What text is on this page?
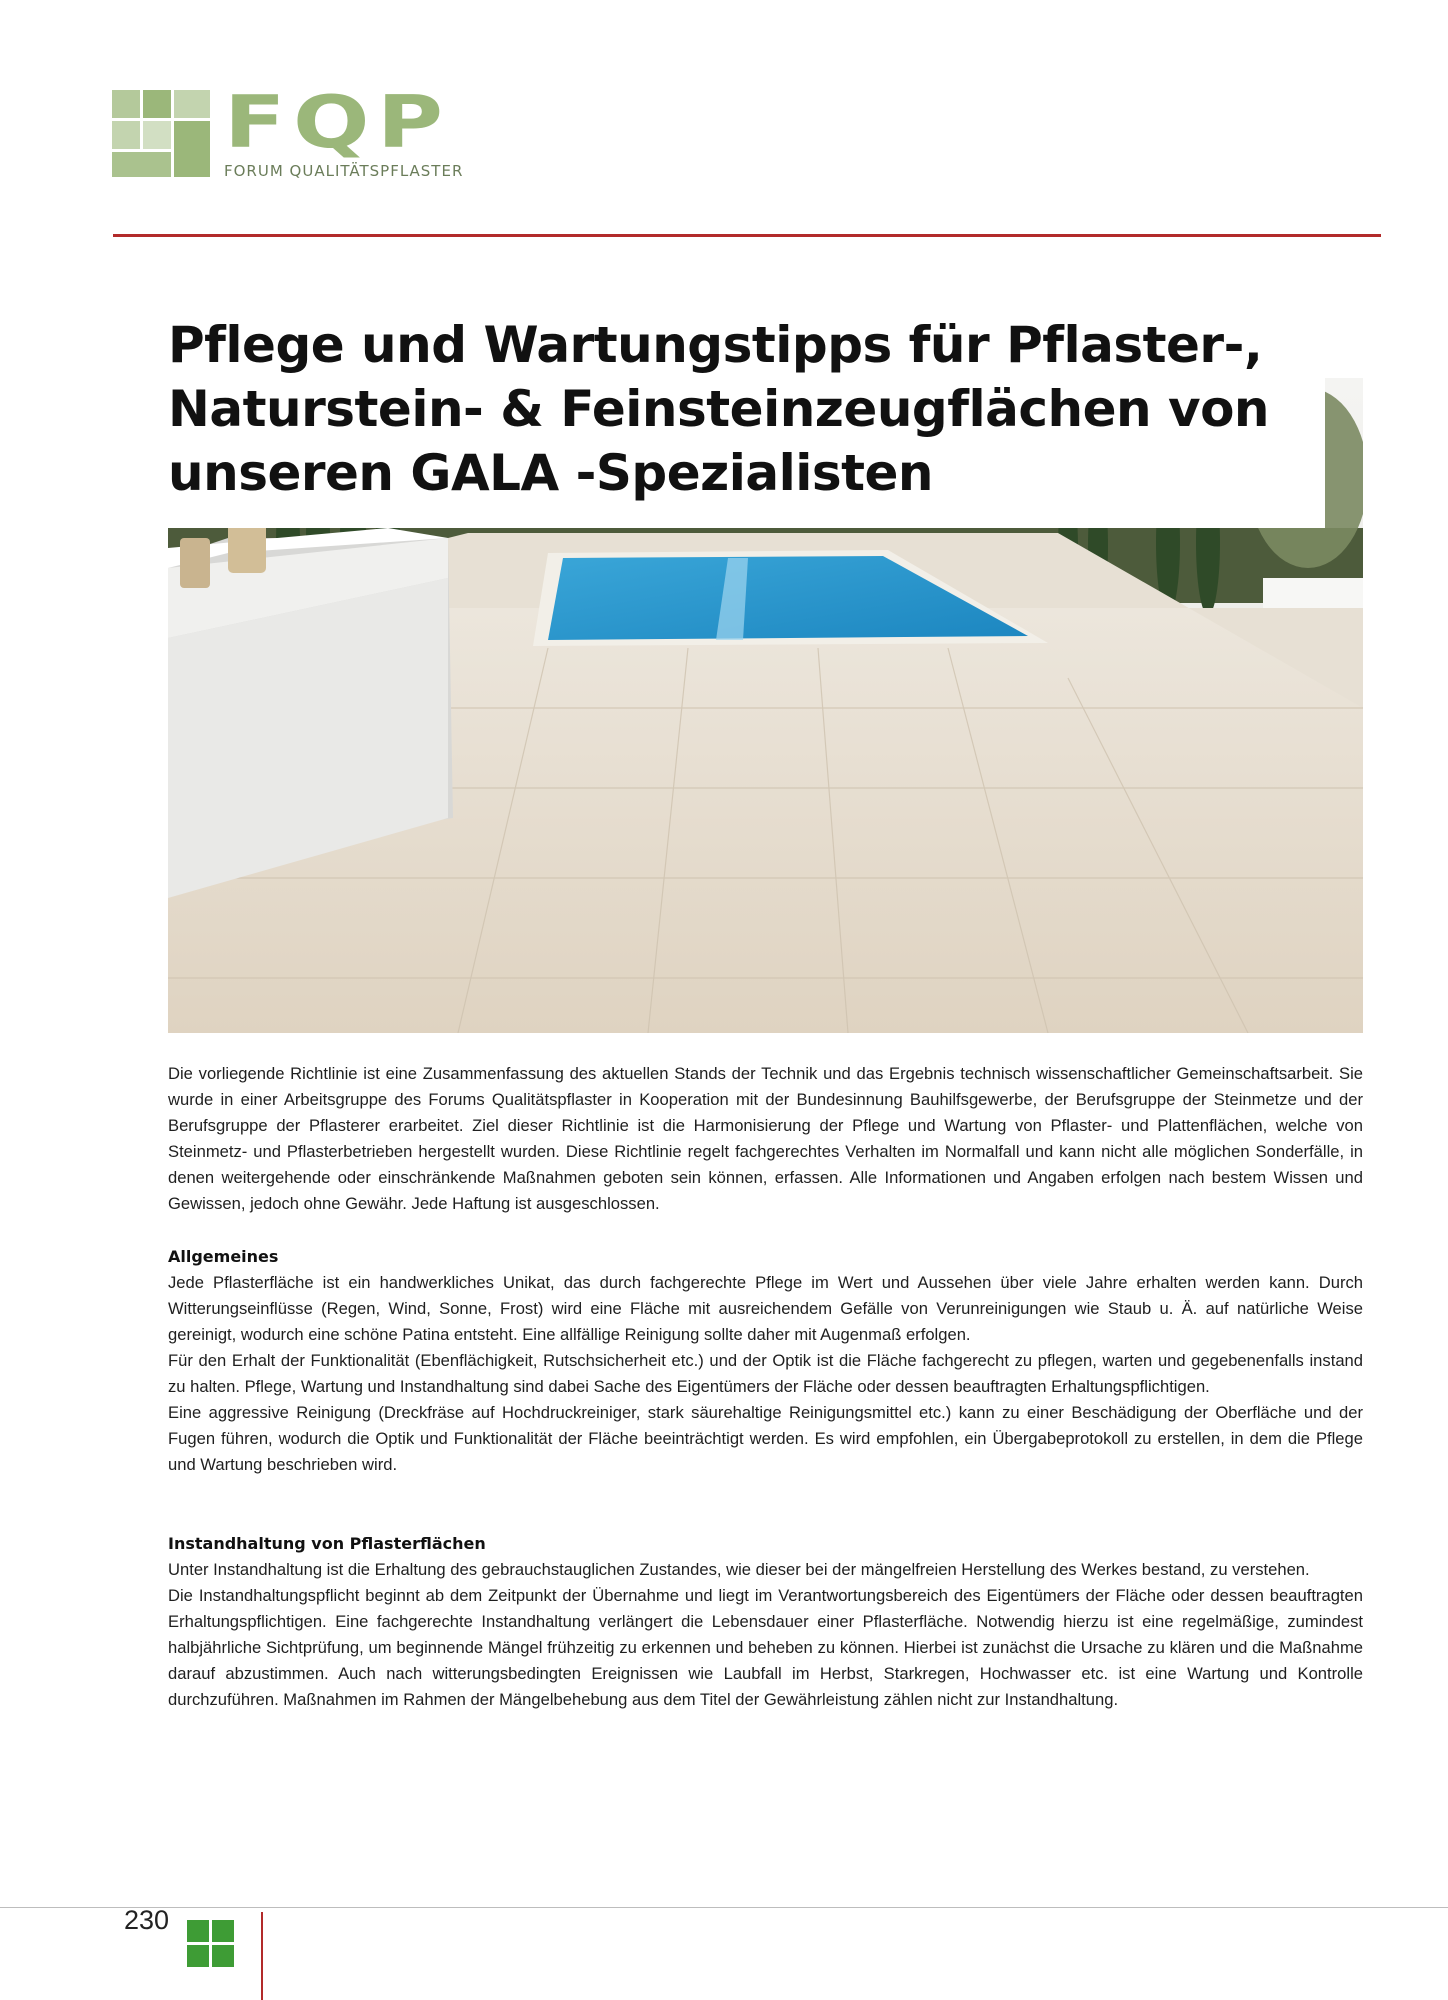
FQP
FORUM QUALITÄTSPFLASTER
Pflege und Wartungstipps für Pflaster-,
Naturstein- & Feinsteinzeugflächen von
unseren GALA -Spezialisten

Die vorliegende Richtlinie ist eine Zusammenfassung des aktuellen Stands der Technik und das Ergebnis technisch wissenschaftlicher Gemeinschaftsarbeit. Sie wurde in einer Arbeitsgruppe des Forums Qualitätspflaster in Kooperation mit der Bundesinnung Bauhilfsgewerbe, der Berufsgruppe der Steinmetze und der Berufsgruppe der Pflasterer erarbeitet. Ziel dieser Richtlinie ist die Harmonisierung der Pflege und Wartung von Pflaster- und Plattenflächen, welche von Steinmetz- und Pflasterbetrieben hergestellt wurden. Diese Richtlinie regelt fachgerechtes Verhalten im Normalfall und kann nicht alle möglichen Sonderfälle, in denen weitergehende oder einschränkende Maßnahmen geboten sein können, erfassen. Alle Informationen und Angaben erfolgen nach bestem Wissen und Gewissen, jedoch ohne Gewähr. Jede Haftung ist ausgeschlossen.

Allgemeines

Jede Pflasterfläche ist ein handwerkliches Unikat, das durch fachgerechte Pflege im Wert und Aussehen über viele Jahre erhalten werden kann. Durch Witterungseinflüsse (Regen, Wind, Sonne, Frost) wird eine Fläche mit ausreichendem Gefälle von Verunreinigungen wie Staub u. Ä. auf natürliche Weise gereinigt, wodurch eine schöne Patina entsteht. Eine allfällige Reinigung sollte daher mit Augenmaß erfolgen.

Für den Erhalt der Funktionalität (Ebenflächigkeit, Rutschsicherheit etc.) und der Optik ist die Fläche fachgerecht zu pflegen, warten und gegebenenfalls instand zu halten. Pflege, Wartung und Instandhaltung sind dabei Sache des Eigentümers der Fläche oder dessen beauftragten Erhaltungspflichtigen.

Eine aggressive Reinigung (Dreckfräse auf Hochdruckreiniger, stark säurehaltige Reinigungsmittel etc.) kann zu einer Beschädigung der Oberfläche und der Fugen führen, wodurch die Optik und Funktionalität der Fläche beeinträchtigt werden. Es wird empfohlen, ein Übergabeprotokoll zu erstellen, in dem die Pflege und Wartung beschrieben wird.

Instandhaltung von Pflasterflächen

Unter Instandhaltung ist die Erhaltung des gebrauchstauglichen Zustandes, wie dieser bei der mängelfreien Herstellung des Werkes bestand, zu verstehen.

Die Instandhaltungspflicht beginnt ab dem Zeitpunkt der Übernahme und liegt im Verantwortungsbereich des Eigentümers der Fläche oder dessen beauftragten Erhaltungspflichtigen. Eine fachgerechte Instandhaltung verlängert die Lebensdauer einer Pflasterfläche. Notwendig hierzu ist eine regelmäßige, zumindest halbjährliche Sichtprüfung, um beginnende Mängel frühzeitig zu erkennen und beheben zu können. Hierbei ist zunächst die Ursache zu klären und die Maßnahme darauf abzustimmen. Auch nach witterungsbedingten Ereignissen wie Laubfall im Herbst, Starkregen, Hochwasser etc. ist eine Wartung und Kontrolle durchzuführen. Maßnahmen im Rahmen der Mängelbehebung aus dem Titel der Gewährleistung zählen nicht zur Instandhaltung.

230
